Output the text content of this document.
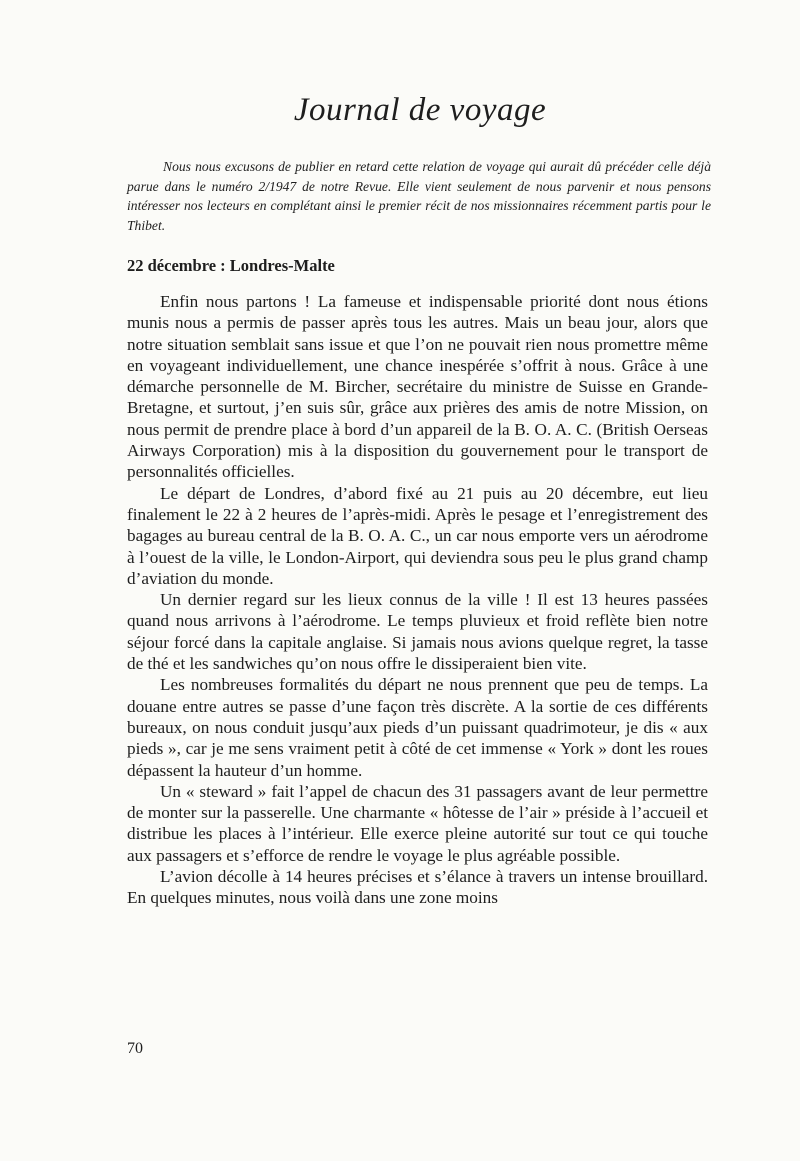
Journal de voyage

Nous nous excusons de publier en retard cette relation de voyage qui aurait dû précéder celle déjà parue dans le numéro 2/1947 de notre Revue. Elle vient seulement de nous parvenir et nous pensons intéresser nos lecteurs en complétant ainsi le premier récit de nos missionnaires récemment partis pour le Thibet.

22 décembre : Londres-Malte

Enfin nous partons ! La fameuse et indispensable priorité dont nous étions munis nous a permis de passer après tous les autres. Mais un beau jour, alors que notre situation semblait sans issue et que l’on ne pouvait rien nous promettre même en voyageant individuellement, une chance inespérée s’offrit à nous. Grâce à une démarche personnelle de M. Bircher, secrétaire du ministre de Suisse en Grande-Bretagne, et surtout, j’en suis sûr, grâce aux prières des amis de notre Mission, on nous permit de prendre place à bord d’un appareil de la B. O. A. C. (British Oerseas Airways Corporation) mis à la disposition du gouvernement pour le transport de personnalités officielles.

Le départ de Londres, d’abord fixé au 21 puis au 20 décembre, eut lieu finalement le 22 à 2 heures de l’après-midi. Après le pesage et l’enregistrement des bagages au bureau central de la B. O. A. C., un car nous emporte vers un aérodrome à l’ouest de la ville, le London-Airport, qui deviendra sous peu le plus grand champ d’aviation du monde.

Un dernier regard sur les lieux connus de la ville ! Il est 13 heures passées quand nous arrivons à l’aérodrome. Le temps pluvieux et froid reflète bien notre séjour forcé dans la capitale anglaise. Si jamais nous avions quelque regret, la tasse de thé et les sandwiches qu’on nous offre le dissiperaient bien vite.

Les nombreuses formalités du départ ne nous prennent que peu de temps. La douane entre autres se passe d’une façon très discrète. A la sortie de ces différents bureaux, on nous conduit jusqu’aux pieds d’un puissant quadrimoteur, je dis « aux pieds », car je me sens vraiment petit à côté de cet immense « York » dont les roues dépassent la hauteur d’un homme.

Un « steward » fait l’appel de chacun des 31 passagers avant de leur permettre de monter sur la passerelle. Une charmante « hôtesse de l’air » préside à l’accueil et distribue les places à l’intérieur. Elle exerce pleine autorité sur tout ce qui touche aux passagers et s’efforce de rendre le voyage le plus agréable possible.

L’avion décolle à 14 heures précises et s’élance à travers un intense brouillard. En quelques minutes, nous voilà dans une zone moins

70
